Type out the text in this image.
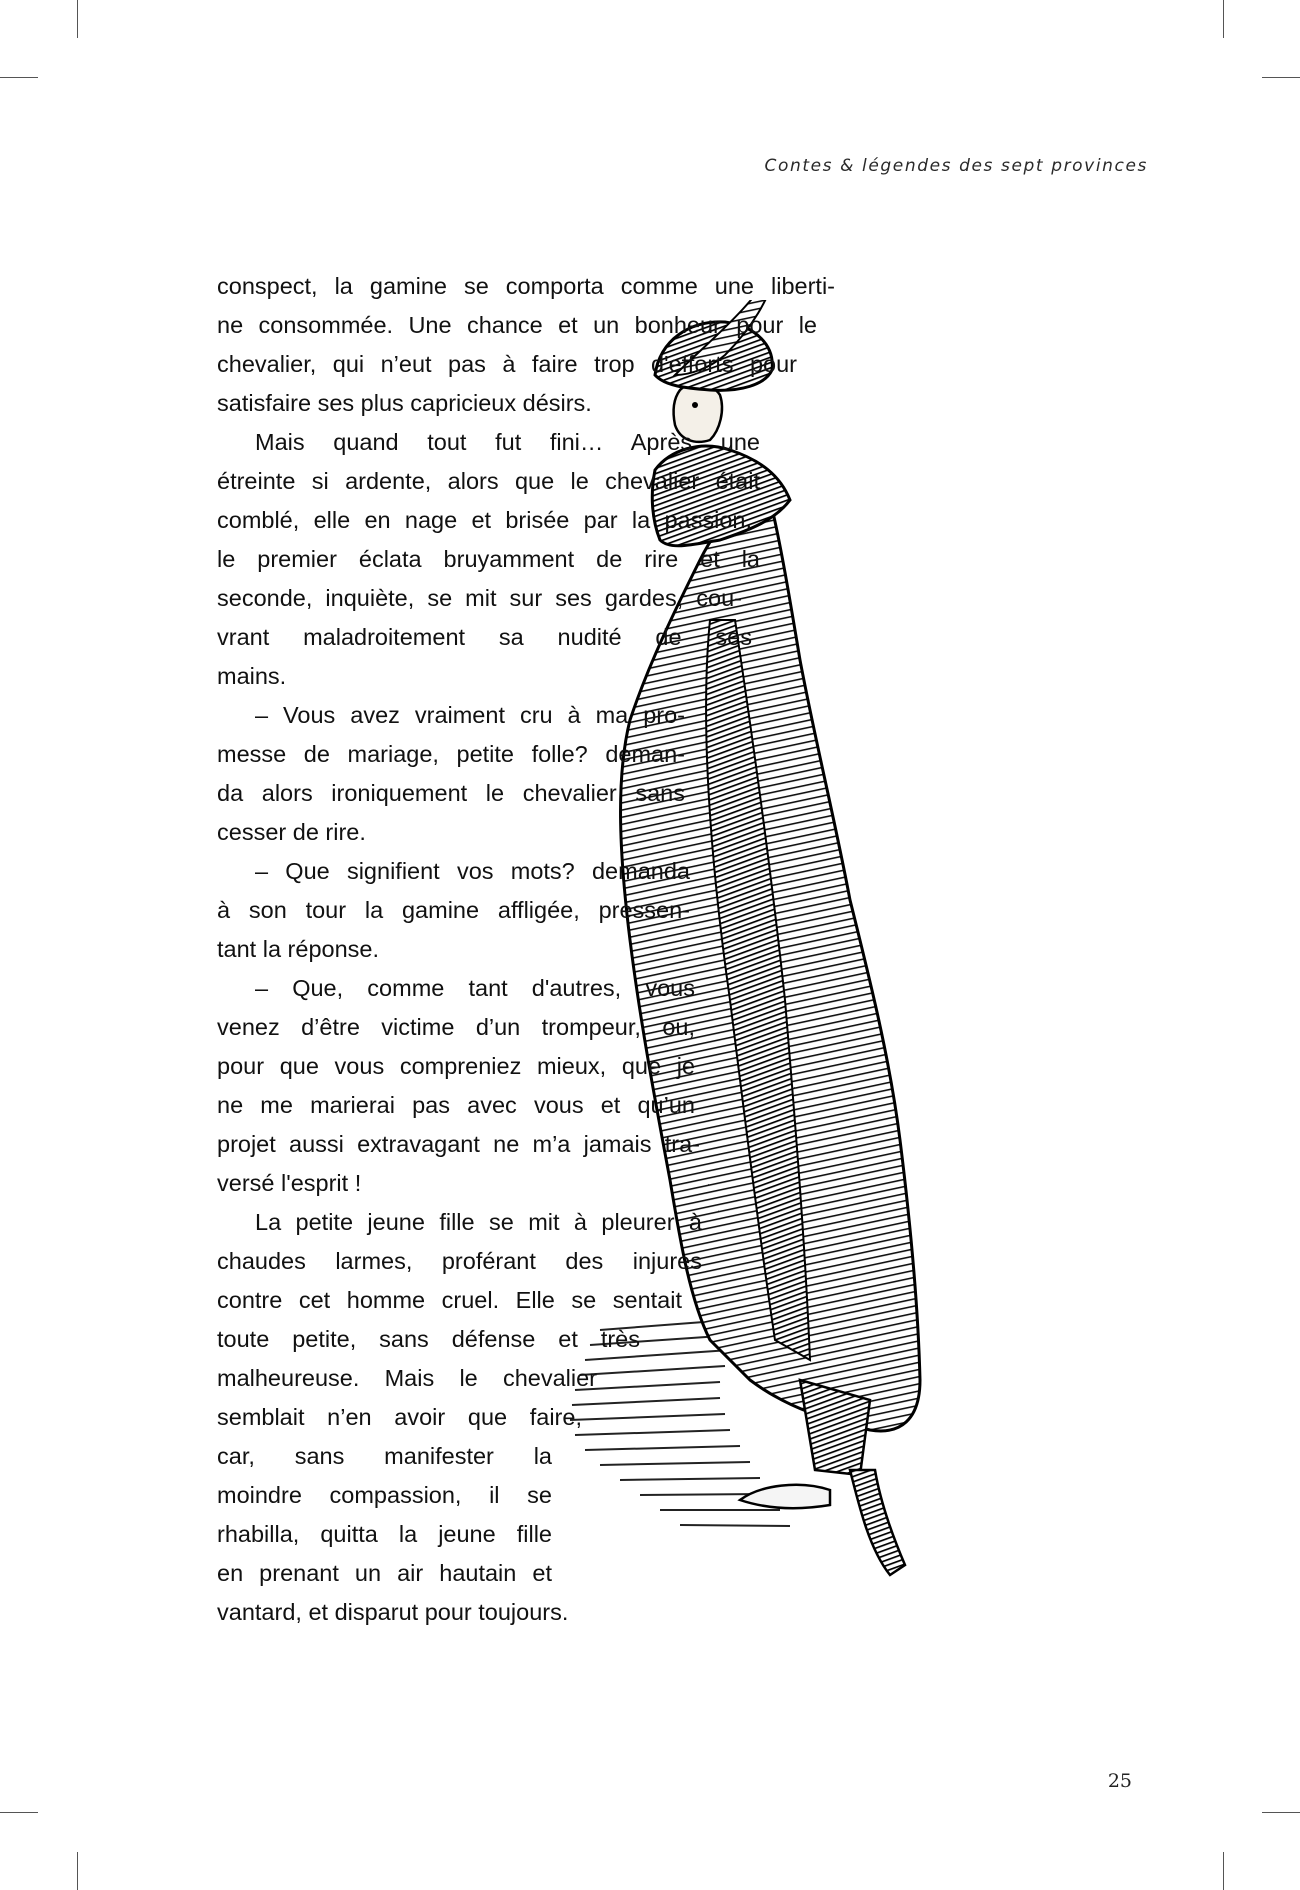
Contes & légendes des sept provinces
conspect, la gamine se comporta comme une liberti-
ne consommée. Une chance et un bonheur pour le
chevalier, qui n’eut pas à faire trop d'efforts pour
satisfaire ses plus capricieux désirs.
Mais quand tout fut fini… Après une
étreinte si ardente, alors que le chevalier était
comblé, elle en nage et brisée par la passion,
le premier éclata bruyamment de rire et la
seconde, inquiète, se mit sur ses gardes, cou-
vrant maladroitement sa nudité de ses
mains.
– Vous avez vraiment cru à ma pro-
messe de mariage, petite folle? deman-
da alors ironiquement le chevalier sans
cesser de rire.
– Que signifient vos mots? demanda
à son tour la gamine affligée, pressen-
tant la réponse.
– Que, comme tant d'autres, vous
venez d’être victime d’un trompeur, ou,
pour que vous compreniez mieux, que je
ne me marierai pas avec vous et qu’un
projet aussi extravagant ne m’a jamais tra-
versé l'esprit !
La petite jeune fille se mit à pleurer à
chaudes larmes, proférant des injures
contre cet homme cruel. Elle se sentait
toute petite, sans défense et très
malheureuse. Mais le chevalier
semblait n’en avoir que faire,
car, sans manifester la
moindre compassion, il se
rhabilla, quitta la jeune fille
en prenant un air hautain et
vantard, et disparut pour toujours.
25
